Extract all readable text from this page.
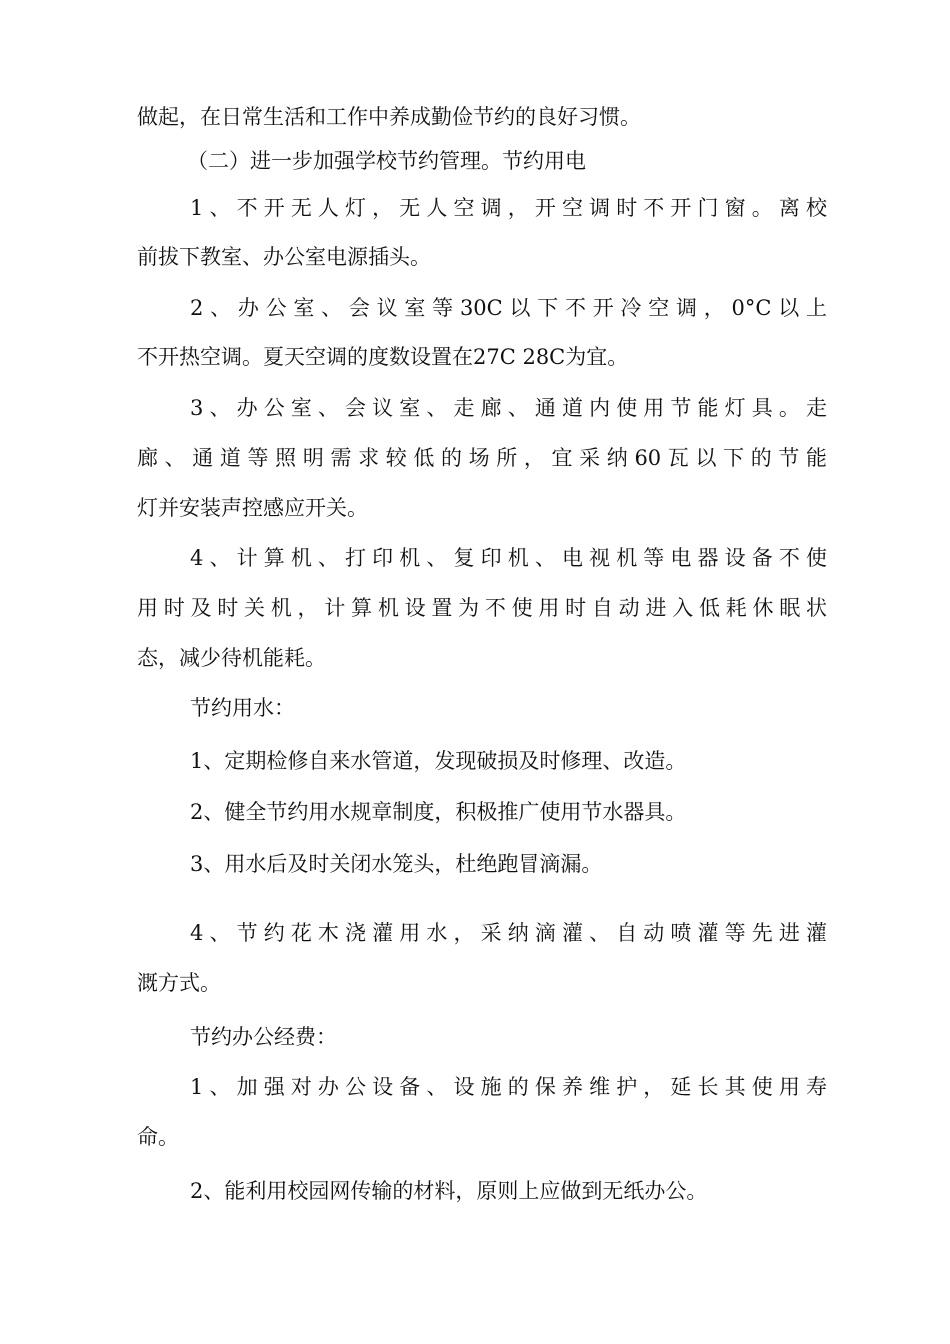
做起，在日常生活和工作中养成勤俭节约的良好习惯。
（二）进一步加强学校节约管理。节约用电
1、不开无人灯，无人空调，开空调时不开门窗。离校
前拔下教室、办公室电源插头。
2、办公室、会议室等30C以下不开冷空调，0°C以上
不开热空调。夏天空调的度数设置在27C 28C为宜。
3、办公室、会议室、走廊、通道内使用节能灯具。走
廊、通道等照明需求较低的场所，宜采纳60瓦以下的节能
灯并安装声控感应开关。
4、计算机、打印机、复印机、电视机等电器设备不使
用时及时关机，计算机设置为不使用时自动进入低耗休眠状
态，减少待机能耗。
节约用水：
1、定期检修自来水管道，发现破损及时修理、改造。
2、健全节约用水规章制度，积极推广使用节水器具。
3、用水后及时关闭水笼头，杜绝跑冒滴漏。
4、节约花木浇灌用水，采纳滴灌、自动喷灌等先进灌
溉方式。
节约办公经费：
1、加强对办公设备、设施的保养维护，延长其使用寿
命。
2、能利用校园网传输的材料，原则上应做到无纸办公。
